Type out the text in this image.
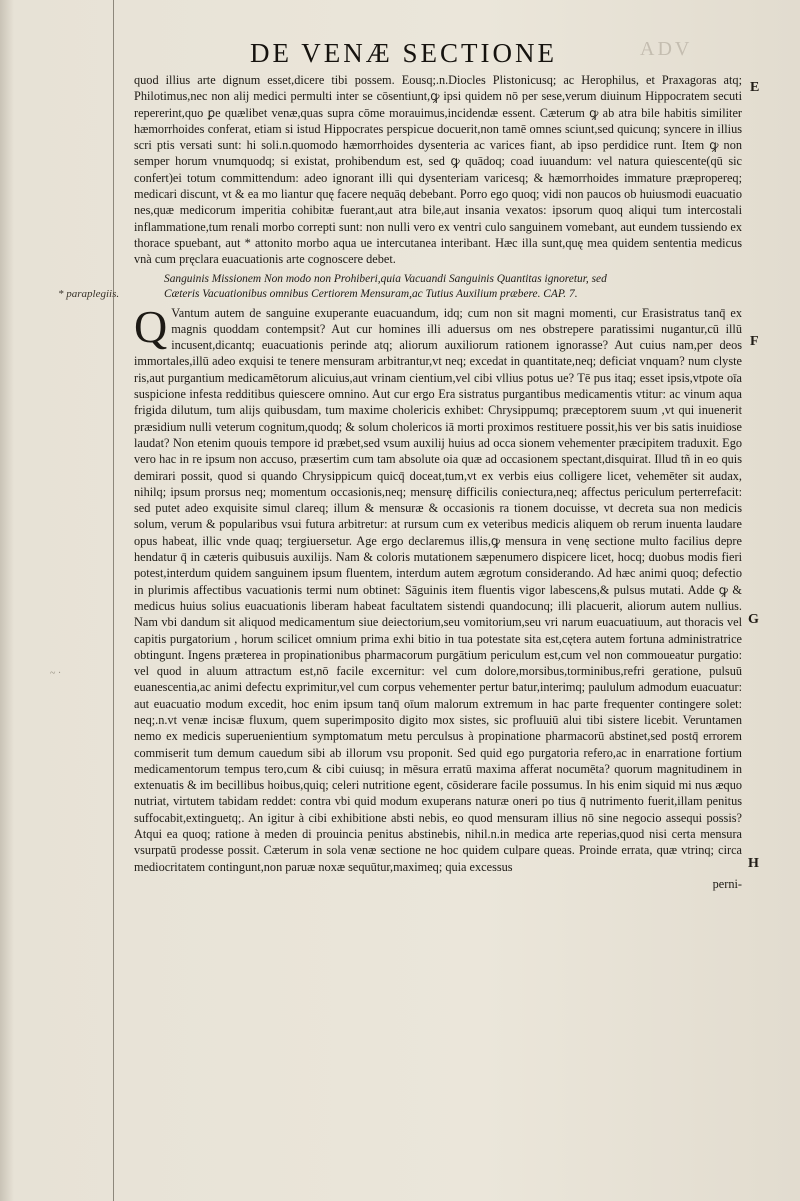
DE VENÆ SECTIONE	ADV
* paraplegiis.
E
F
G
H
~ ·

quod illius arte dignum esset,dicere tibi possem. Eousq;.n.Diocles Plistonicusq; ac Herophilus, et Praxagoras atq; Philotimus,nec non alij medici permulti inter se cōsentiunt,ꝙ ipsi quidem nō per sese,verum diuinum Hippocratem secuti repererint,quo ꝑe quælibet venæ,quas supra cōme morauimus,incidendæ essent. Cæterum ꝙ ab atra bile habitis similiter hæmorrhoides conferat, etiam si istud Hippocrates perspicue docuerit,non tamē omnes sciunt,sed quicunq; syncere in illius scri ptis versati sunt: hi soli.n.quomodo hæmorrhoides dysenteria ac varices fiant, ab ipso perdidice runt. Item ꝙ non semper horum vnumquodq; si existat, prohibendum est, sed ꝙ quādoq; coad iuuandum: vel natura quiescente(qū sic confert)ei totum committendum: adeo ignorant illi qui dysenteriam varicesq; & hæmorrhoides immature præpropereq; medicari discunt, vt & ea mo liantur quę facere nequāq debebant. Porro ego quoq; vidi non paucos ob huiusmodi euacuatio nes,quæ medicorum imperitia cohibitæ fuerant,aut atra bile,aut insania vexatos: ipsorum quoq aliqui tum intercostali inflammatione,tum renali morbo correpti sunt: non nulli vero ex ventri culo sanguinem vomebant, aut eundem tussiendo ex thorace spuebant, aut * attonito morbo aqua ue intercutanea interibant. Hæc illa sunt,quę mea quidem sententia medicus vnà cum pręclara euacuationis arte cognoscere debet.

Sanguinis Missionem Non modo non Prohiberi,quia Vacuandi Sanguinis Quantitas ignoretur, sed
Cæteris Vacuationibus omnibus Certiorem Mensuram,ac Tutius Auxilium præbere. CAP. 7.

Q Vantum autem de sanguine exuperante euacuandum, idq; cum non sit magni momenti, cur Erasistratus tanq̄ ex magnis quoddam contempsit? Aut cur homines illi aduersus om nes obstrepere paratissimi nugantur,cū illū incusent,dicantq; euacuationis perinde atq; aliorum auxiliorum rationem ignorasse? Aut cuius nam,per deos immortales,illū adeo exquisi te tenere mensuram arbitrantur,vt neq; excedat in quantitate,neq; deficiat vnquam? num clyste ris,aut purgantium medicamētorum alicuius,aut vrinam cientium,vel cibi vllius potus ue? Tē pus itaq; esset ipsis,vtpote oīa suspicione infesta redditibus quiescere omnino. Aut cur ergo Era sistratus purgantibus medicamentis vtitur: ac vinum aqua frigida dilutum, tum alijs quibusdam, tum maxime cholericis exhibet: Chrysippumq; præceptorem suum ,vt qui inuenerit præsidium nulli veterum cognitum,quodq; & solum cholericos iā morti proximos restituere possit,his ver bis satis inuidiose laudat? Non etenim quouis tempore id præbet,sed vsum auxilij huius ad occa sionem vehementer præcipitem traduxit. Ego vero hac in re ipsum non accuso, præsertim cum tam absolute oia quæ ad occasionem spectant,disquirat. Illud tñ in eo quis demirari possit, quod si quando Chrysippicum quicq̄ doceat,tum,vt ex verbis eius colligere licet, vehemēter sit audax, nihilq; ipsum prorsus neq; momentum occasionis,neq; mensurę difficilis coniectura,neq; affectus periculum perterrefacit: sed putet adeo exquisite simul clareq; illum & mensuræ & occasionis ra tionem docuisse, vt decreta sua non medicis solum, verum & popularibus vsui futura arbitretur: at rursum cum ex veteribus medicis aliquem ob rerum inuenta laudare opus habeat, illic vnde quaq; tergiuersetur. Age ergo declaremus illis,ꝙ mensura in venę sectione multo facilius depre hendatur q̄ in cæteris quibusuis auxilijs. Nam & coloris mutationem sæpenumero dispicere licet, hocq; duobus modis fieri potest,interdum quidem sanguinem ipsum fluentem, interdum autem ægrotum considerando. Ad hæc animi quoq; defectio in plurimis affectibus vacuationis termi num obtinet: Sāguinis item fluentis vigor labescens,& pulsus mutati. Adde ꝙ & medicus huius solius euacuationis liberam habeat facultatem sistendi quandocunq; illi placuerit, aliorum autem nullius. Nam vbi dandum sit aliquod medicamentum siue deiectorium,seu vomitorium,seu vri narum euacuatiuum, aut thoracis vel capitis purgatorium , horum scilicet omnium prima exhi bitio in tua potestate sita est,cętera autem fortuna administratrice obtingunt. Ingens præterea in propinationibus pharmacorum purgātium periculum est,cum vel non commoueatur purgatio: vel quod in aluum attractum est,nō facile excernitur: vel cum dolore,morsibus,torminibus,refri geratione, pulsuū euanescentia,ac animi defectu exprimitur,vel cum corpus vehementer pertur batur,interimq; paululum admodum euacuatur: aut euacuatio modum excedit, hoc enim ipsum tanq̄ oīum malorum extremum in hac parte frequenter contingere solet: neq;.n.vt venæ incisæ fluxum, quem superimposito digito mox sistes, sic profluuiū alui tibi sistere licebit. Veruntamen nemo ex medicis superuenientium symptomatum metu perculsus à propinatione pharmacorū abstinet,sed postq̄ errorem commiserit tum demum cauedum sibi ab illorum vsu proponit. Sed quid ego purgatoria refero,ac in enarratione fortium medicamentorum tempus tero,cum & cibi cuiusq; in mēsura erratū maxima afferat nocumēta? quorum magnitudinem in extenuatis & im becillibus hoibus,quiq; celeri nutritione egent, cōsiderare facile possumus. In his enim siquid mi nus æquo nutriat, virtutem tabidam reddet: contra vbi quid modum exuperans naturæ oneri po tius q̄ nutrimento fuerit,illam penitus suffocabit,extinguetq;. An igitur à cibi exhibitione absti nebis, eo quod mensuram illius nō sine negocio assequi possis? Atqui ea quoq; ratione à meden di prouincia penitus abstinebis, nihil.n.in medica arte reperias,quod nisi certa mensura vsurpatū prodesse possit. Cæterum in sola venæ sectione ne hoc quidem culpare queas. Proinde errata, quæ vtrinq; circa mediocritatem contingunt,non paruæ noxæ sequūtur,maximeq; quia excessus

perni-
